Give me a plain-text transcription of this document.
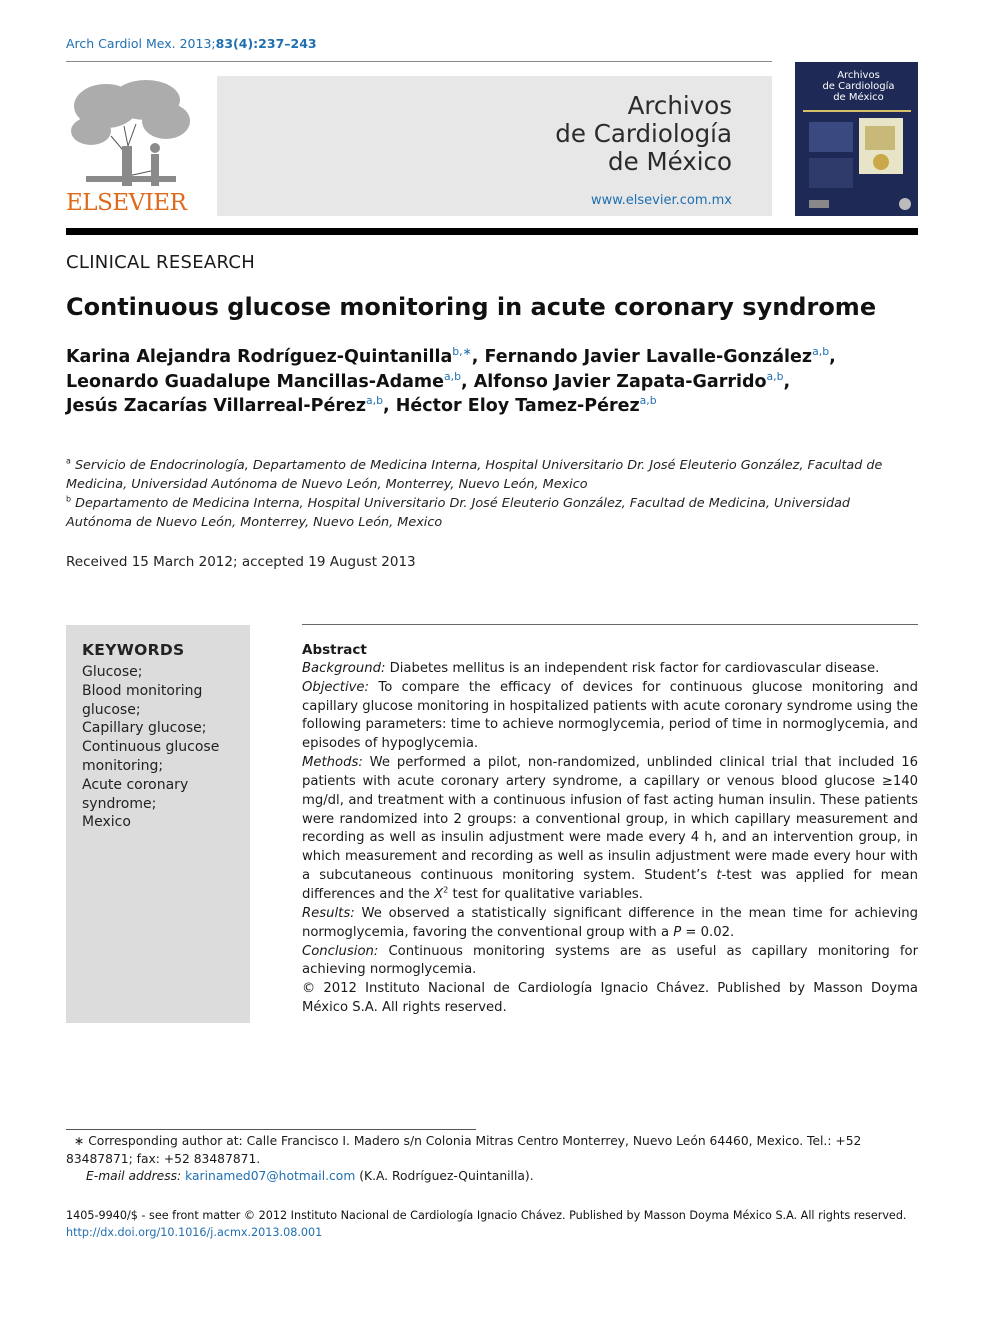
Arch Cardiol Mex. 2013;83(4):237–243
ELSEVIER
Archivos
de Cardiología
de México
www.elsevier.com.mx
Archivos
de Cardiología
de México
CLINICAL RESEARCH
Continuous glucose monitoring in acute coronary syndrome
Karina Alejandra Rodríguez-Quintanilla$^{b,∗}$, Fernando Javier Lavalle-González$^{a,b}$,
Leonardo Guadalupe Mancillas-Adame$^{a,b}$, Alfonso Javier Zapata-Garrido$^{a,b}$,
Jesús Zacarías Villarreal-Pérez$^{a,b}$, Héctor Eloy Tamez-Pérez$^{a,b}$
$^a$ Servicio de Endocrinología, Departamento de Medicina Interna, Hospital Universitario Dr. José Eleuterio González, Facultad de Medicina, Universidad Autónoma de Nuevo León, Monterrey, Nuevo León, Mexico
$^b$ Departamento de Medicina Interna, Hospital Universitario Dr. José Eleuterio González, Facultad de Medicina, Universidad Autónoma de Nuevo León, Monterrey, Nuevo León, Mexico
Received 15 March 2012; accepted 19 August 2013
KEYWORDS
Glucose;
Blood monitoring
glucose;
Capillary glucose;
Continuous glucose
monitoring;
Acute coronary
syndrome;
Mexico

Abstract

Background: Diabetes mellitus is an independent risk factor for cardiovascular disease.

Objective: To compare the efficacy of devices for continuous glucose monitoring and capillary glucose monitoring in hospitalized patients with acute coronary syndrome using the following parameters: time to achieve normoglycemia, period of time in normoglycemia, and episodes of hypoglycemia.

Methods: We performed a pilot, non-randomized, unblinded clinical trial that included 16 patients with acute coronary artery syndrome, a capillary or venous blood glucose ≥140 mg/dl, and treatment with a continuous infusion of fast acting human insulin. These patients were randomized into 2 groups: a conventional group, in which capillary measurement and recording as well as insulin adjustment were made every 4 h, and an intervention group, in which measurement and recording as well as insulin adjustment were made every hour with a subcutaneous continuous monitoring system. Student’s t-test was applied for mean differences and the $X^2$ test for qualitative variables.

Results: We observed a statistically significant difference in the mean time for achieving normoglycemia, favoring the conventional group with a P = 0.02.

Conclusion: Continuous monitoring systems are as useful as capillary monitoring for achieving normoglycemia.

© 2012 Instituto Nacional de Cardiología Ignacio Chávez. Published by Masson Doyma México S.A. All rights reserved.

∗ Corresponding author at: Calle Francisco I. Madero s/n Colonia Mitras Centro Monterrey, Nuevo León 64460, Mexico. Tel.: +52 83487871; fax: +52 83487871.

E-mail address: karinamed07@hotmail.com (K.A. Rodríguez-Quintanilla).

1405-9940/$ - see front matter © 2012 Instituto Nacional de Cardiología Ignacio Chávez. Published by Masson Doyma México S.A. All rights reserved.
http://dx.doi.org/10.1016/j.acmx.2013.08.001
